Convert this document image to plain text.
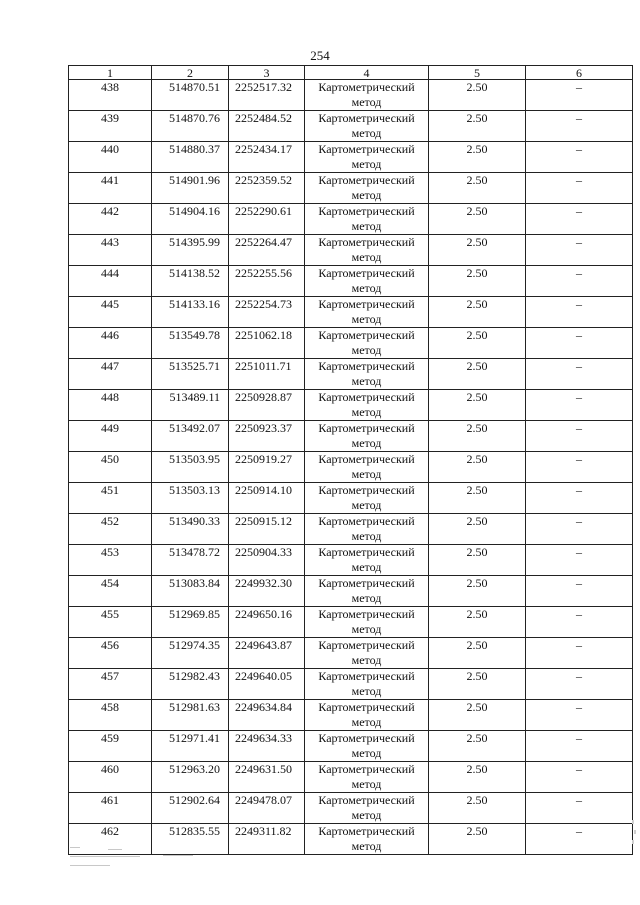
254
1	2	3	4	5	6
438	514870.51	2252517.32	Картометрический метод	2.50	–
439	514870.76	2252484.52	Картометрический метод	2.50	–
440	514880.37	2252434.17	Картометрический метод	2.50	–
441	514901.96	2252359.52	Картометрический метод	2.50	–
442	514904.16	2252290.61	Картометрический метод	2.50	–
443	514395.99	2252264.47	Картометрический метод	2.50	–
444	514138.52	2252255.56	Картометрический метод	2.50	–
445	514133.16	2252254.73	Картометрический метод	2.50	–
446	513549.78	2251062.18	Картометрический метод	2.50	–
447	513525.71	2251011.71	Картометрический метод	2.50	–
448	513489.11	2250928.87	Картометрический метод	2.50	–
449	513492.07	2250923.37	Картометрический метод	2.50	–
450	513503.95	2250919.27	Картометрический метод	2.50	–
451	513503.13	2250914.10	Картометрический метод	2.50	–
452	513490.33	2250915.12	Картометрический метод	2.50	–
453	513478.72	2250904.33	Картометрический метод	2.50	–
454	513083.84	2249932.30	Картометрический метод	2.50	–
455	512969.85	2249650.16	Картометрический метод	2.50	–
456	512974.35	2249643.87	Картометрический метод	2.50	–
457	512982.43	2249640.05	Картометрический метод	2.50	–
458	512981.63	2249634.84	Картометрический метод	2.50	–
459	512971.41	2249634.33	Картометрический метод	2.50	–
460	512963.20	2249631.50	Картометрический метод	2.50	–
461	512902.64	2249478.07	Картометрический метод	2.50	–
462	512835.55	2249311.82	Картометрический метод	2.50	–
